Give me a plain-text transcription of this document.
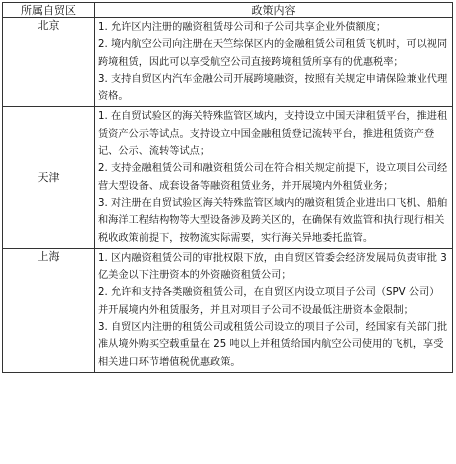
所属自贸区	政策内容
北京	1. 允许区内注册的融资租赁母公司和子公司共享企业外债额度；
2. 境内航空公司向注册在天竺综保区内的金融租赁公司租赁飞机时，可以视同跨境租赁，因此可以享受航空公司直接跨境租赁所享有的优惠税率；
3. 支持自贸区内汽车金融公司开展跨境融资，按照有关规定申请保险兼业代理资格。

天津	1. 在自贸试验区的海关特殊监管区域内，支持设立中国天津租赁平台，推进租赁资产公示等试点。支持设立中国金融租赁登记流转平台，推进租赁资产登记、公示、流转等试点；
2. 支持金融租赁公司和融资租赁公司在符合相关规定前提下，设立项目公司经营大型设备、成套设备等融资租赁业务，并开展境内外租赁业务；
3. 对注册在自贸试验区海关特殊监管区域内的融资租赁企业进出口飞机、船舶和海洋工程结构物等大型设备涉及跨关区的，在确保有效监管和执行现行相关税收政策前提下，按物流实际需要，实行海关异地委托监管。

上海	1. 区内融资租赁公司的审批权限下放，由自贸区管委会经济发展局负责审批 3 亿美金以下注册资本的外资融资租赁公司；
2. 允许和支持各类融资租赁公司，在自贸区内设立项目子公司（SPV 公司）并开展境内外租赁服务，并且对项目子公司不设最低注册资本金限制；
3. 自贸区内注册的租赁公司或租赁公司设立的项目子公司，经国家有关部门批准从境外购买空载重量在 25 吨以上并租赁给国内航空公司使用的飞机，享受相关进口环节增值税优惠政策。
